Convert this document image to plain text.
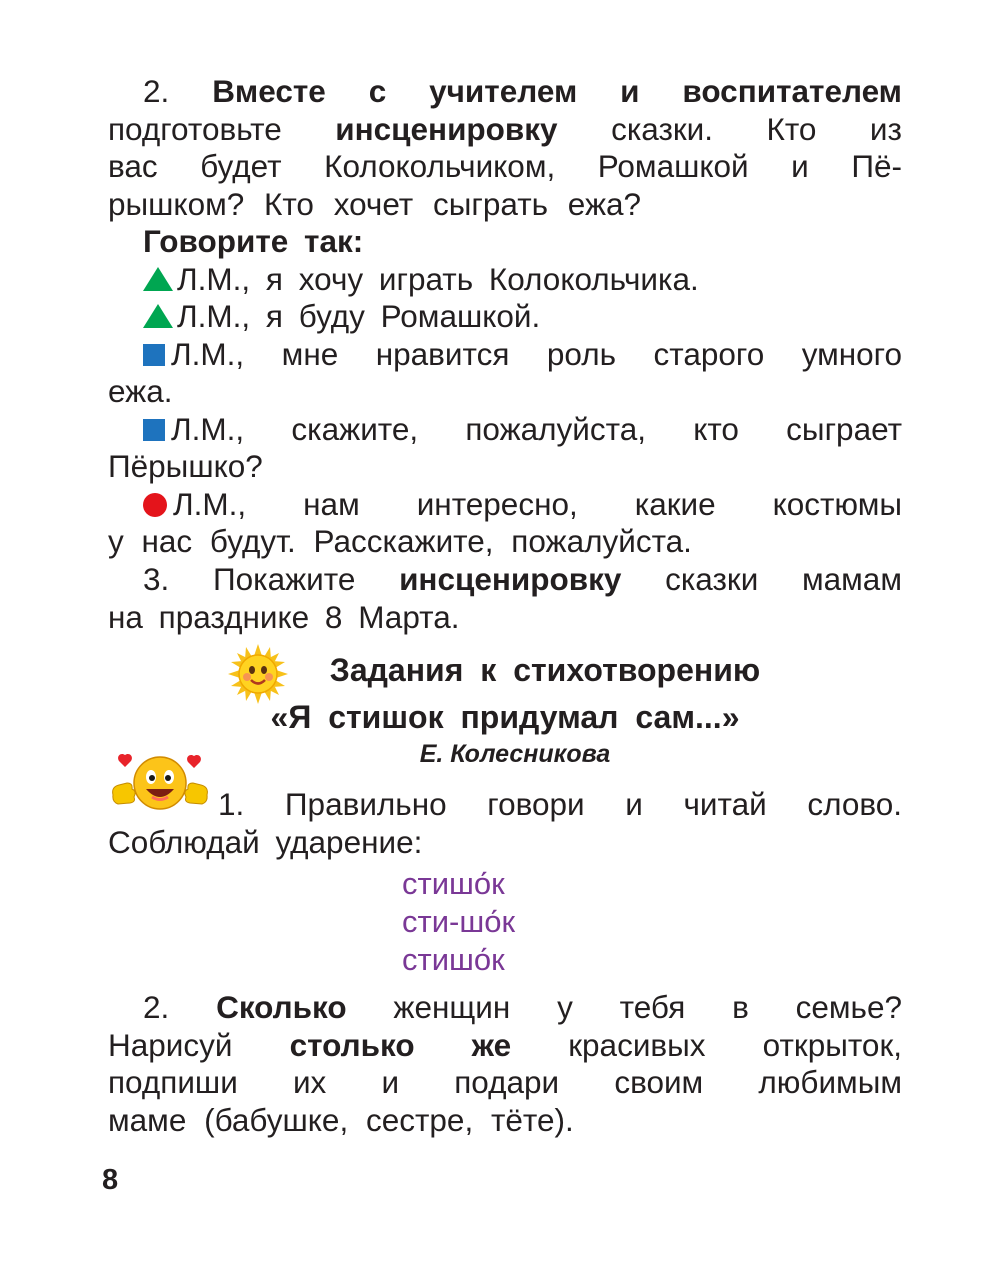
2. Вместе с учителем и воспитателем
подготовьте инсценировку сказки. Кто из
вас будет Колокольчиком, Ромашкой и Пё-
рышком? Кто хочет сыграть ежа?
Говорите так:
Л.М., я хочу играть Колокольчика.
Л.М., я буду Ромашкой.
Л.М., мне нравится роль старого умного
ежа.
Л.М., скажите, пожалуйста, кто сыграет
Пёрышко?
Л.М., нам интересно, какие костюмы
у нас будут. Расскажите, пожалуйста.
3. Покажите инсценировку сказки мамам
на празднике 8 Марта.
Задания к стихотворению
«Я стишок придумал сам...»
Е. Колесникова
1. Правильно говори и читай слово.
Соблюдай ударение:
стишо́к
сти-шо́к
стишо́к
2. Сколько женщин у тебя в семье?
Нарисуй столько же красивых открыток,
подпиши их и подари своим любимым
маме (бабушке, сестре, тёте).
8
